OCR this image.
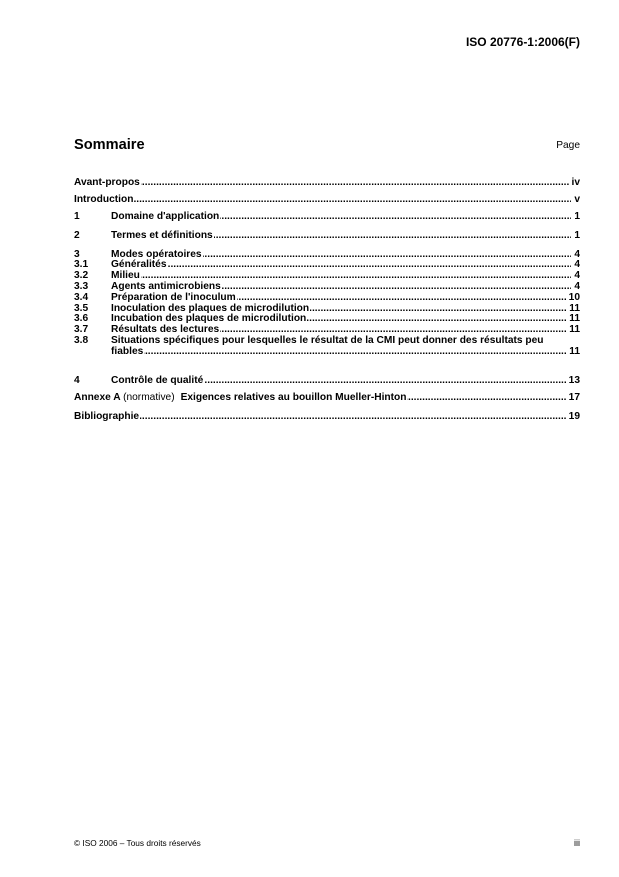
ISO 20776-1:2006(F)
Sommaire	Page
..... Avant-propos	iv
..... Introduction	v
..... 1	Domaine d'application	1
..... 2	Termes et définitions	1
..... 3	Modes opératoires	4
..... 3.1 Généralités	4
..... 3.2 Milieu	4
..... 3.3 Agents antimicrobiens	4
..... 3.4 Préparation de l'inoculum	10
..... 3.5 Inoculation des plaques de microdilution	11
..... 3.6 Incubation des plaques de microdilution	11
..... 3.7 Résultats des lectures	11
..... 3.8 Situations spécifiques pour lesquelles le résultat de la CMI peut donner des résultats peu fiables	11
..... 4	Contrôle de qualité	13
..... Annexe A (normative) Exigences relatives au bouillon Mueller-Hinton	17
..... Bibliographie	19
© ISO 2006 – Tous droits réservés	iii
